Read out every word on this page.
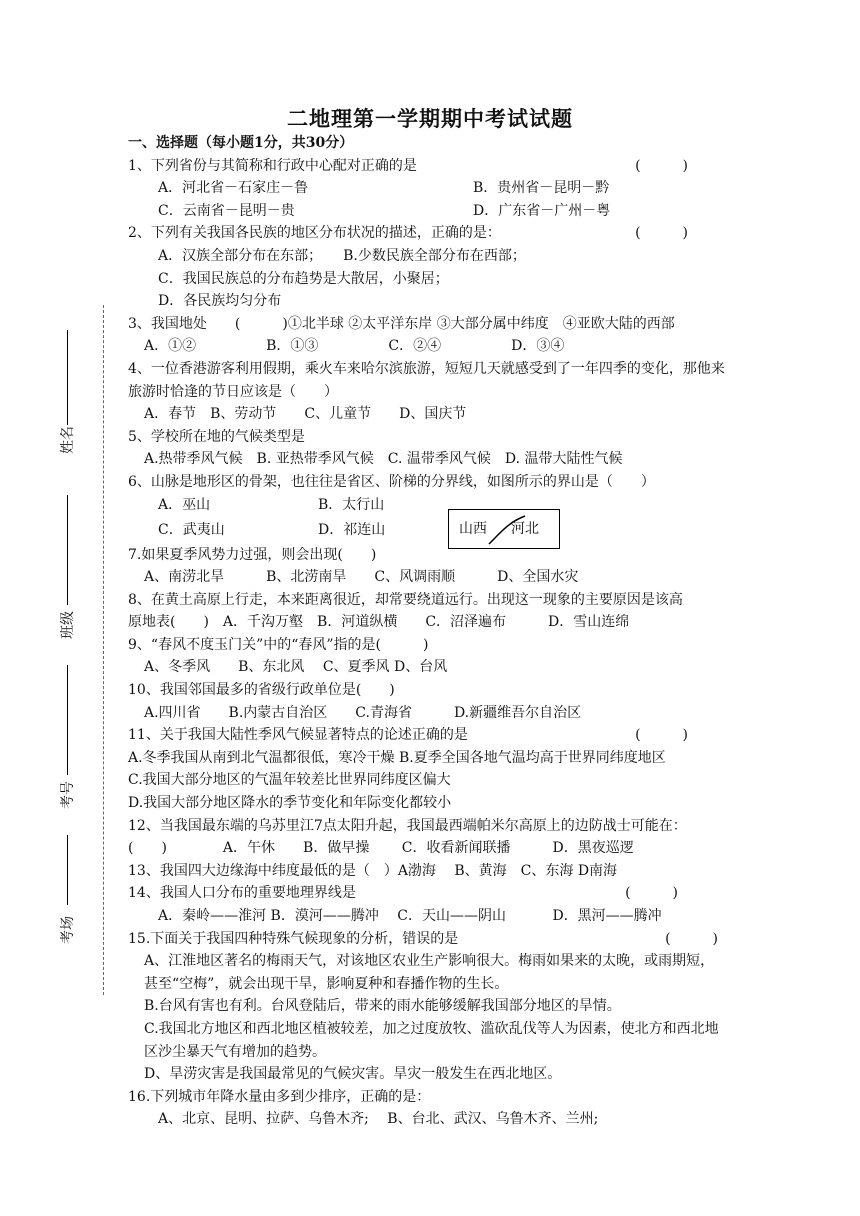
二地理第一学期期中考试试题
姓名
班级
考号
考场
一、选择题（每小题1分，共30分）
1、下列省份与其简称和行政中心配对正确的是	(　　　)
A．河北省－石家庄－鲁	B．贵州省－昆明－黔
C．云南省－昆明－贵	D．广东省－广州－粤
2、下列有关我国各民族的地区分布状况的描述，正确的是：	(　　　)
A．汉族全部分布在东部；　　B.少数民族全部分布在西部；
C．我国民族总的分布趋势是大散居，小聚居；
D．各民族均匀分布
3、我国地处　　(　　　)①北半球 ②太平洋东岸 ③大部分属中纬度　④亚欧大陆的西部
A．①②　　　　　B．①③　　　　　C．②④　　　　　D．③④
4、一位香港游客利用假期，乘火车来哈尔滨旅游，短短几天就感受到了一年四季的变化，那他来旅游时恰逢的节日应该是（　　）
A．春节　B、劳动节　　C、儿童节　　D、国庆节
5、学校所在地的气候类型是
A.热带季风气候　B. 亚热带季风气候　C. 温带季风气候　D. 温带大陆性气候
6、山脉是地形区的骨架，也往往是省区、阶梯的分界线，如图所示的界山是（　　）
A．巫山	B．太行山
C．武夷山	D．祁连山	山西 河北
7.如果夏季风势力过强，则会出现(　　)
A、南涝北旱　　　B、北涝南旱　　C、风调雨顺　　　D、全国水灾
8、在黄土高原上行走，本来距离很近，却常要绕道远行。出现这一现象的主要原因是该高
原地表(　　)　A．千沟万壑　B．河道纵横　　C．沼泽遍布　　　D．雪山连绵
9、“春风不度玉门关”中的“春风”指的是(　　　)
A、冬季风　　B、东北风　 C、夏季风 D、台风
10、我国邻国最多的省级行政单位是(　　)
A.四川省　　B.内蒙古自治区　　C.青海省　　　D.新疆维吾尔自治区
11、关于我国大陆性季风气候显著特点的论述正确的是	(　　　)
A.冬季我国从南到北气温都很低，寒冷干燥 B.夏季全国各地气温均高于世界同纬度地区
C.我国大部分地区的气温年较差比世界同纬度区偏大
D.我国大部分地区降水的季节变化和年际变化都较小
12、当我国最东端的乌苏里江7点太阳升起，我国最西端帕米尔高原上的边防战士可能在：
(　　)　　　　A．午休　　B．做早操　　 C．收看新闻联播　　　D．黑夜巡逻
13、我国四大边缘海中纬度最低的是（　）A渤海　 B、黄海　C、东海 D南海
14、我国人口分布的重要地理界线是	(　　　)
A．秦岭——淮河 B．漠河——腾冲　 C．天山——阴山　　　 D．黑河——腾冲
15.下面关于我国四种特殊气候现象的分析，错误的是	(　　　)
A、江淮地区著名的梅雨天气，对该地区农业生产影响很大。梅雨如果来的太晚，或雨期短，甚至“空梅”，就会出现干旱，影响夏种和春播作物的生长。
B.台风有害也有利。台风登陆后，带来的雨水能够缓解我国部分地区的旱情。
C.我国北方地区和西北地区植被较差，加之过度放牧、滥砍乱伐等人为因素，使北方和西北地区沙尘暴天气有增加的趋势。
D、旱涝灾害是我国最常见的气候灾害。旱灾一般发生在西北地区。
16.下列城市年降水量由多到少排序，正确的是：
A、北京、昆明、拉萨、乌鲁木齐;　 B、台北、武汉、乌鲁木齐、兰州;
